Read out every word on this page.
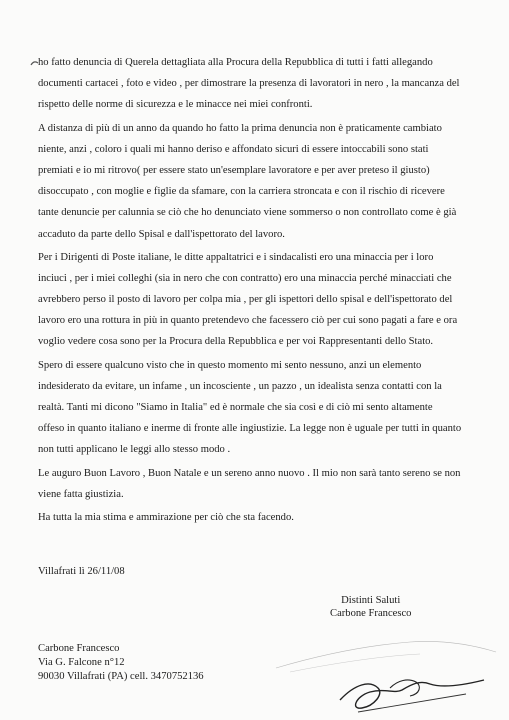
ho fatto denuncia di Querela dettagliata alla Procura della Repubblica di tutti i fatti allegando
documenti cartacei , foto e video , per dimostrare la presenza di lavoratori in nero , la mancanza del
rispetto delle norme di sicurezza e le minacce nei miei confronti.
A distanza di più di un anno da quando ho fatto la prima denuncia non è praticamente cambiato
niente, anzi , coloro i quali mi hanno deriso e affondato sicuri di essere intoccabili sono stati
premiati e io mi ritrovo( per essere stato un'esemplare lavoratore e per aver preteso il giusto)
disoccupato , con moglie e figlie da sfamare, con la carriera stroncata e con il rischio di ricevere
tante denuncie per calunnia se ciò che ho denunciato viene sommerso o non controllato come è già
accaduto da parte dello Spisal e dall'ispettorato del lavoro.
Per i Dirigenti di Poste italiane, le ditte appaltatrici e i sindacalisti ero una minaccia per i loro
inciuci , per i miei colleghi (sia in nero che con contratto) ero una minaccia perché minacciati che
avrebbero perso il posto di lavoro per colpa mia , per gli ispettori dello spisal e dell'ispettorato del
lavoro ero una rottura in più in quanto pretendevo che facessero ciò per cui sono pagati a fare e ora
voglio vedere cosa sono per la Procura della Repubblica e per voi Rappresentanti dello Stato.
Spero di essere qualcuno visto che in questo momento mi sento nessuno, anzi un elemento
indesiderato da evitare, un infame , un incosciente , un pazzo , un idealista senza contatti con la
realtà. Tanti mi dicono "Siamo in Italia" ed è normale che sia così e di ciò mi sento altamente
offeso in quanto italiano e inerme di fronte alle ingiustizie. La legge non è uguale per tutti in quanto
non tutti applicano le leggi allo stesso modo .
Le auguro Buon Lavoro , Buon Natale e un sereno anno nuovo . Il mio non sarà tanto sereno se non
viene fatta giustizia.
Ha tutta la mia stima e ammirazione per ciò che sta facendo.
Villafrati lì 26/11/08
Distinti Saluti
Carbone Francesco
Carbone Francesco
Via G. Falcone n°12
90030 Villafrati (PA) cell. 3470752136
